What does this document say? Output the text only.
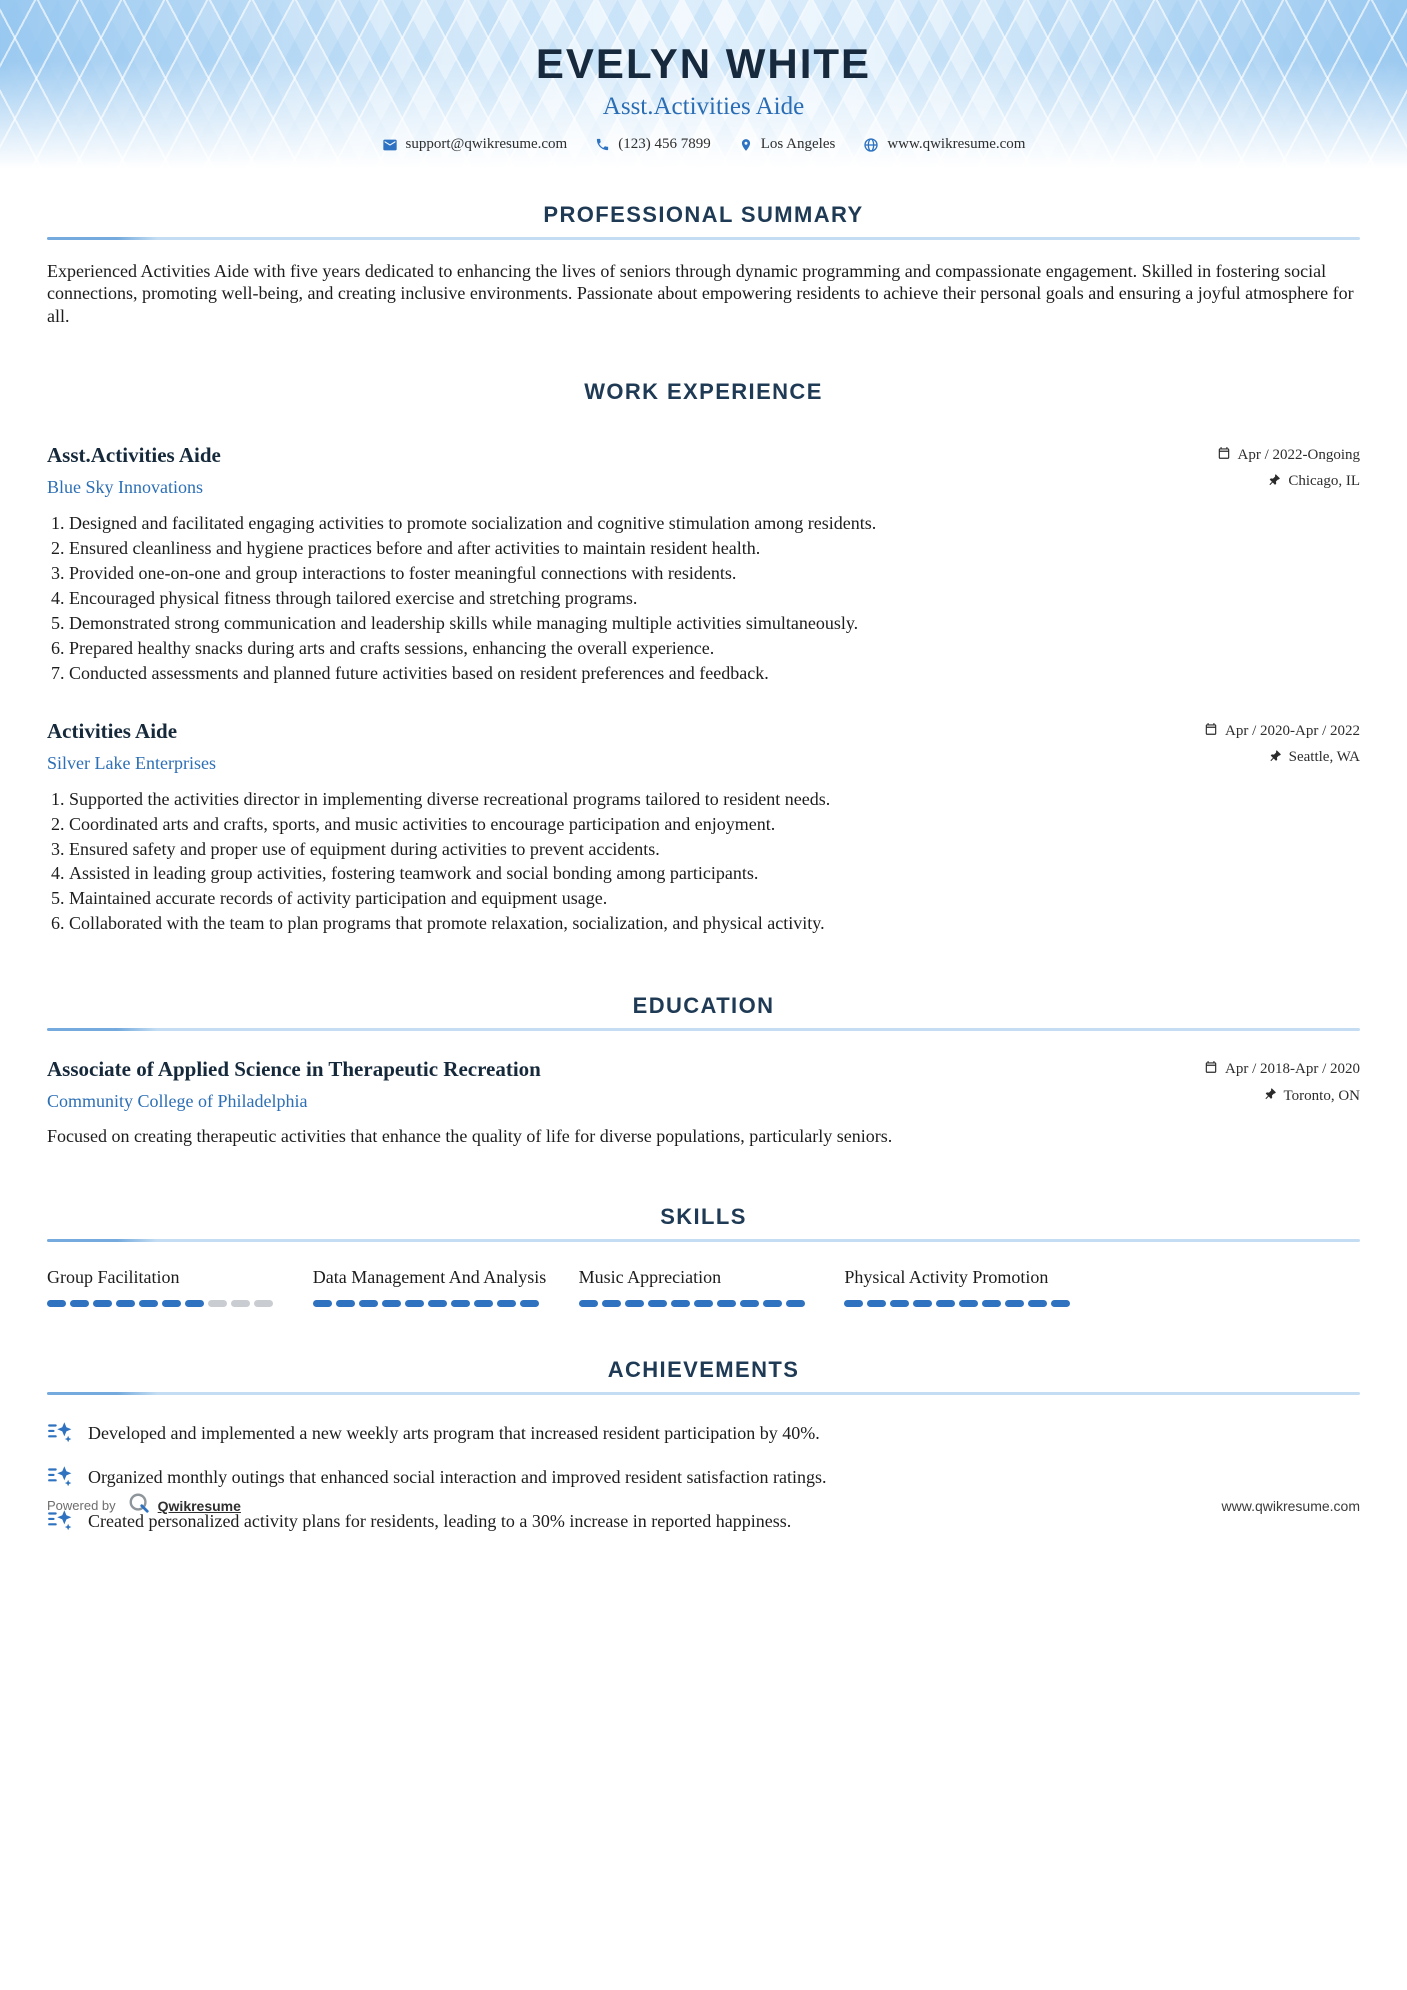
EVELYN WHITE
Asst.Activities Aide
support@qwikresume.com	(123) 456 7899	Los Angeles	www.qwikresume.com
PROFESSIONAL SUMMARY

Experienced Activities Aide with five years dedicated to enhancing the lives of seniors through dynamic programming and compassionate engagement. Skilled in fostering social connections, promoting well-being, and creating inclusive environments. Passionate about empowering residents to achieve their personal goals and ensuring a joyful atmosphere for all.

WORK EXPERIENCE
Asst.Activities Aide
Blue Sky Innovations
Apr / 2022-Ongoing
Chicago, IL
1. Designed and facilitated engaging activities to promote socialization and cognitive stimulation among residents.
2. Ensured cleanliness and hygiene practices before and after activities to maintain resident health.
3. Provided one-on-one and group interactions to foster meaningful connections with residents.
4. Encouraged physical fitness through tailored exercise and stretching programs.
5. Demonstrated strong communication and leadership skills while managing multiple activities simultaneously.
6. Prepared healthy snacks during arts and crafts sessions, enhancing the overall experience.
7. Conducted assessments and planned future activities based on resident preferences and feedback.
Activities Aide
Silver Lake Enterprises
Apr / 2020-Apr / 2022
Seattle, WA
1. Supported the activities director in implementing diverse recreational programs tailored to resident needs.
2. Coordinated arts and crafts, sports, and music activities to encourage participation and enjoyment.
3. Ensured safety and proper use of equipment during activities to prevent accidents.
4. Assisted in leading group activities, fostering teamwork and social bonding among participants.
5. Maintained accurate records of activity participation and equipment usage.
6. Collaborated with the team to plan programs that promote relaxation, socialization, and physical activity.
EDUCATION
Associate of Applied Science in Therapeutic Recreation
Community College of Philadelphia
Apr / 2018-Apr / 2020
Toronto, ON

Focused on creating therapeutic activities that enhance the quality of life for diverse populations, particularly seniors.

SKILLS
Group Facilitation	Data Management And Analysis	Music Appreciation	Physical Activity Promotion
ACHIEVEMENTS
Developed and implemented a new weekly arts program that increased resident participation by 40%.
Organized monthly outings that enhanced social interaction and improved resident satisfaction ratings.
Created personalized activity plans for residents, leading to a 30% increase in reported happiness.
Powered by	Qwikresume	www.qwikresume.com
